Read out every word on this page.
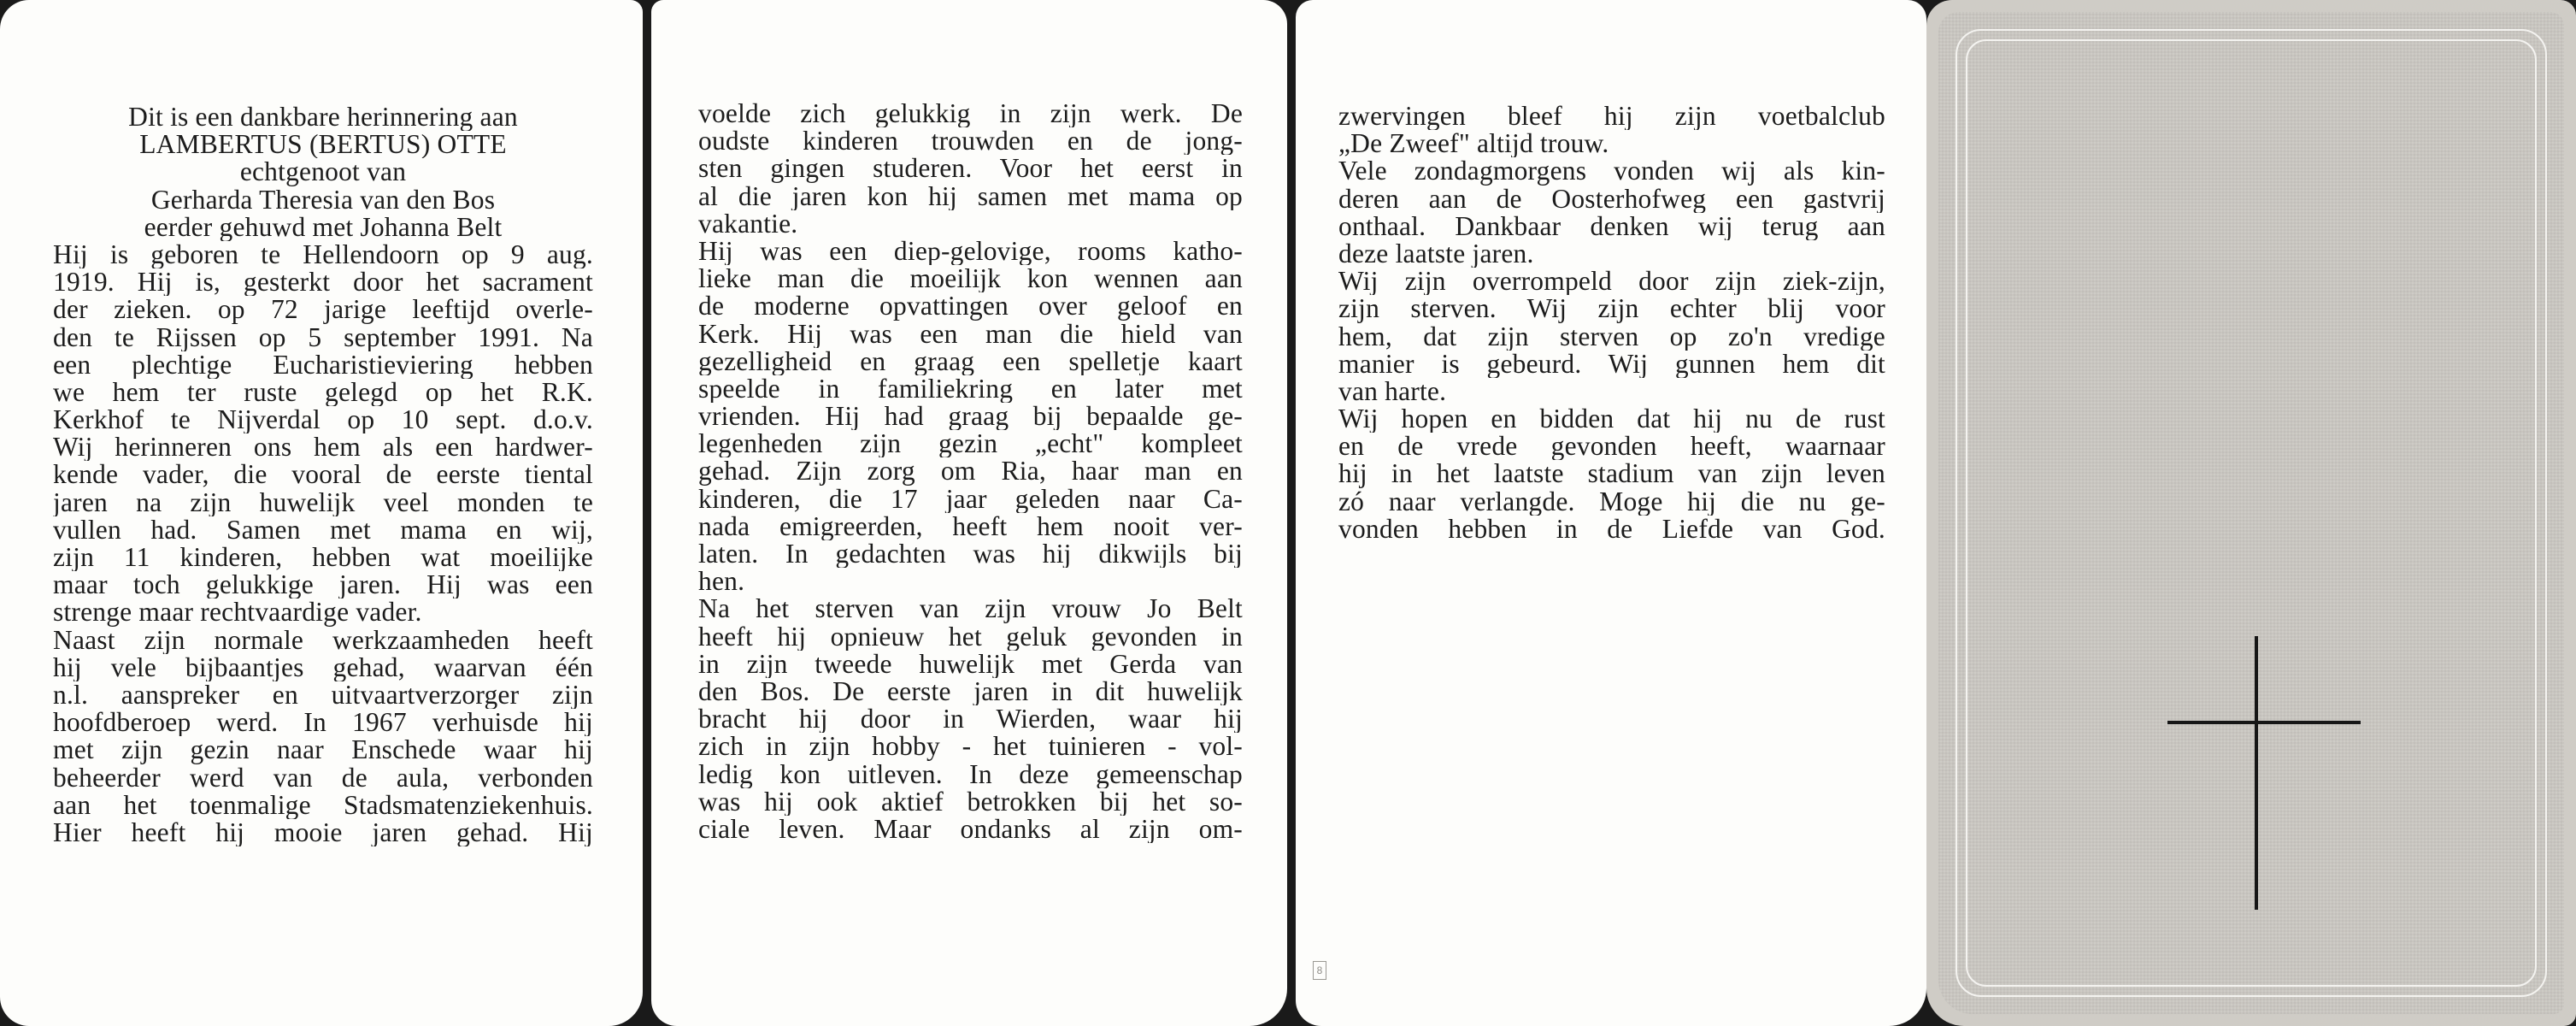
Dit is een dankbare herinnering aan
LAMBERTUS (BERTUS) OTTE
echtgenoot van
Gerharda Theresia van den Bos
eerder gehuwd met Johanna Belt
Hij is geboren te Hellendoorn op 9 aug.
1919. Hij is, gesterkt door het sacrament
der zieken. op 72 jarige leeftijd overle-
den te Rijssen op 5 september 1991. Na
een plechtige Eucharistieviering hebben
we hem ter ruste gelegd op het R.K.
Kerkhof te Nijverdal op 10 sept. d.o.v.
Wij herinneren ons hem als een hardwer-
kende vader, die vooral de eerste tiental
jaren na zijn huwelijk veel monden te
vullen had. Samen met mama en wij,
zijn 11 kinderen, hebben wat moeilijke
maar toch gelukkige jaren. Hij was een
strenge maar rechtvaardige vader.
Naast zijn normale werkzaamheden heeft
hij vele bijbaantjes gehad, waarvan één
n.l. aanspreker en uitvaartverzorger zijn
hoofdberoep werd. In 1967 verhuisde hij
met zijn gezin naar Enschede waar hij
beheerder werd van de aula, verbonden
aan het toenmalige Stadsmatenziekenhuis.
Hier heeft hij mooie jaren gehad. Hij
voelde zich gelukkig in zijn werk. De
oudste kinderen trouwden en de jong-
sten gingen studeren. Voor het eerst in
al die jaren kon hij samen met mama op
vakantie.
Hij was een diep-gelovige, rooms katho-
lieke man die moeilijk kon wennen aan
de moderne opvattingen over geloof en
Kerk. Hij was een man die hield van
gezelligheid en graag een spelletje kaart
speelde in familiekring en later met
vrienden. Hij had graag bij bepaalde ge-
legenheden zijn gezin „echt" kompleet
gehad. Zijn zorg om Ria, haar man en
kinderen, die 17 jaar geleden naar Ca-
nada emigreerden, heeft hem nooit ver-
laten. In gedachten was hij dikwijls bij
hen.
Na het sterven van zijn vrouw Jo Belt
heeft hij opnieuw het geluk gevonden in
in zijn tweede huwelijk met Gerda van
den Bos. De eerste jaren in dit huwelijk
bracht hij door in Wierden, waar hij
zich in zijn hobby - het tuinieren - vol-
ledig kon uitleven. In deze gemeenschap
was hij ook aktief betrokken bij het so-
ciale leven. Maar ondanks al zijn om-
zwervingen bleef hij zijn voetbalclub
„De Zweef" altijd trouw.
Vele zondagmorgens vonden wij als kin-
deren aan de Oosterhofweg een gastvrij
onthaal. Dankbaar denken wij terug aan
deze laatste jaren.
Wij zijn overrompeld door zijn ziek-zijn,
zijn sterven. Wij zijn echter blij voor
hem, dat zijn sterven op zo'n vredige
manier is gebeurd. Wij gunnen hem dit
van harte.
Wij hopen en bidden dat hij nu de rust
en de vrede gevonden heeft, waarnaar
hij in het laatste stadium van zijn leven
zó naar verlangde. Moge hij die nu ge-
vonden hebben in de Liefde van God.
8
